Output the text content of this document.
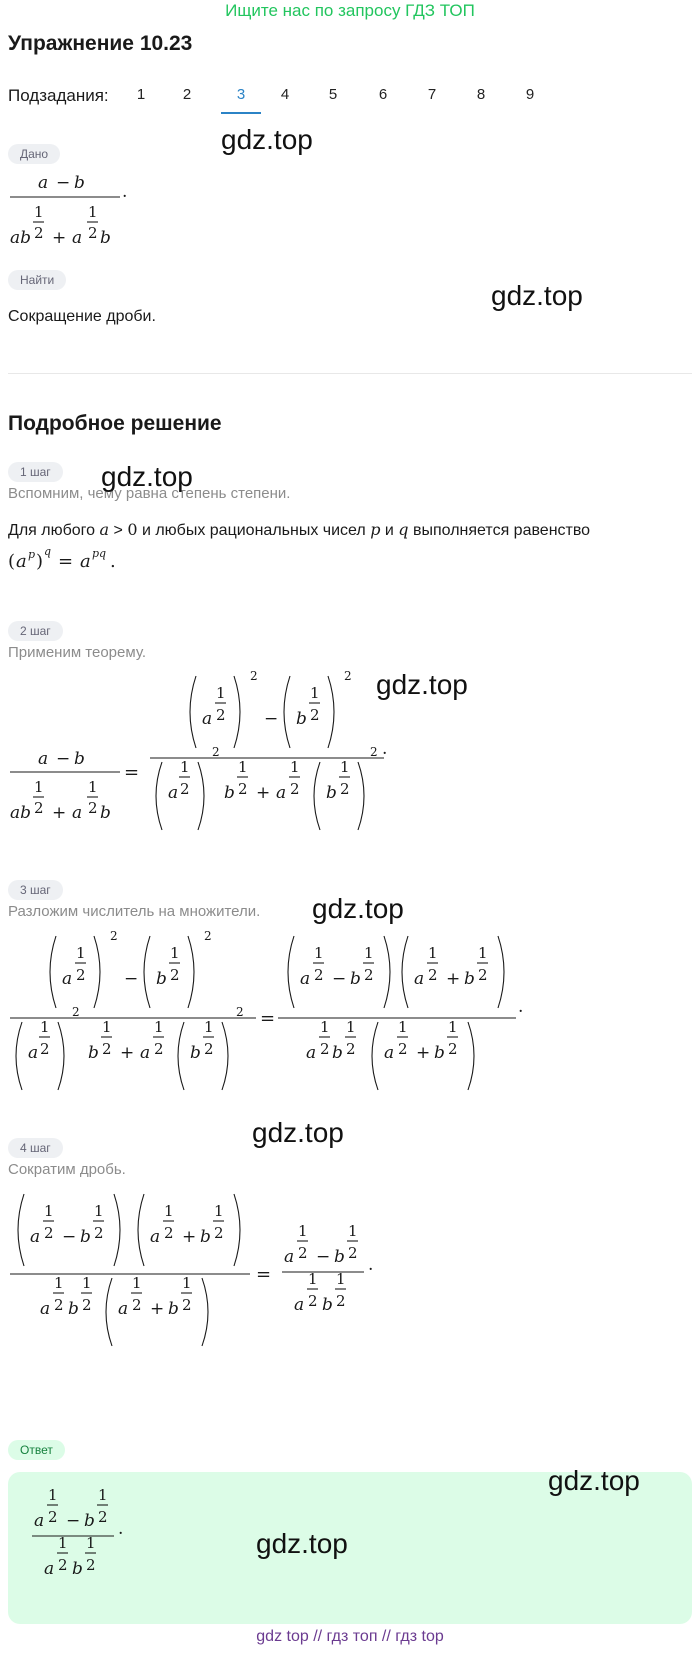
Ищите нас по запросу ГДЗ ТОП
Упражнение 10.23
Подзадания:	1	2	3	4	5	6	7	8	9
Дано
a − b
1
2
ab + a
1
2 b
.
Найти
Сокращение дроби.
Подробное решение
1 шаг
Вспомним, чему равна степень степени.
Для любого a > 0 и любых рациональных чисел p и q выполняется равенство
( a p ) q = a pq .
2 шаг
Применим теорему.
a − b
1
2
ab + a
1
2 b
=
a
1
2
2
− b
1
2
2
a
1
2
2
b
1
2 + a
1
2 b
1
2
2 .
3 шаг
Разложим числитель на множители.
a
1
2
2
− b
1
2
2
a
1
2
2
b
1
2 + a
1
2 b
1
2
2 =
a
1
2 − b
1
2 a
1
2 + b
1
2
a
1
2 b
1
2 a
1
2 + b
1
2
.
4 шаг
Сократим дробь.
a
1
2 − b
1
2	a
1
2 + b
1
2
a
1
2 b
1
2 a
1
2 + b
1
2
=
a
1
2 − b
1
2
a
1
2 b
1
2
.
Ответ
a
1
2 − b
1
2
a
1
2 b
1
2
.
gdz.top
gdz.top
gdz.top
gdz.top
gdz.top
gdz.top
gdz.top
gdz.top
gdz top // гдз топ // гдз top
